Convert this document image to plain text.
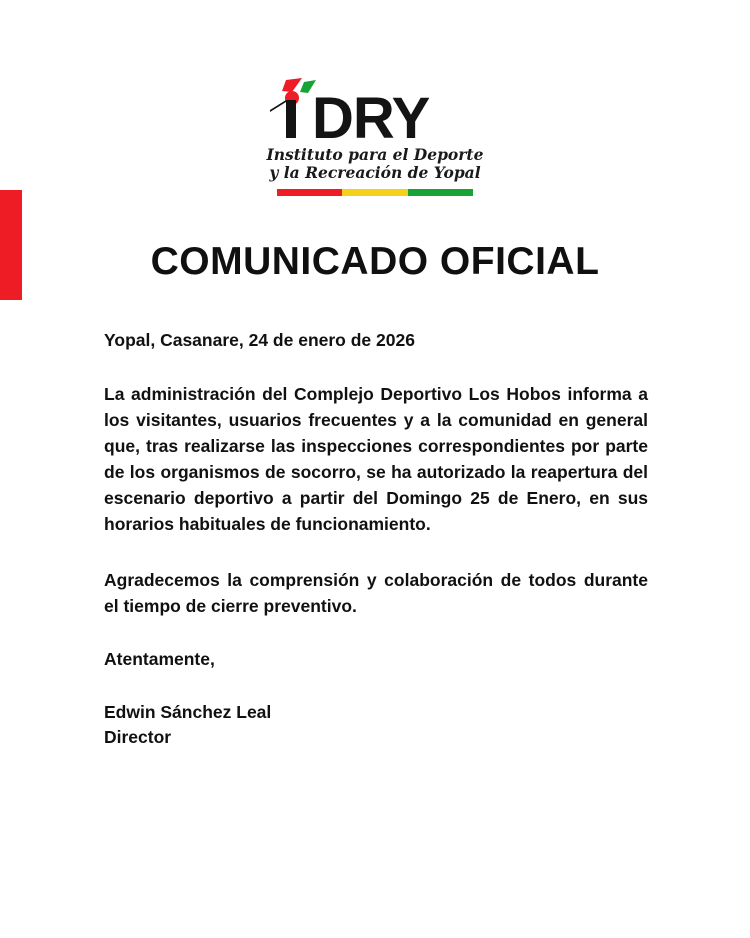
DRY
Instituto para el Deporte
y la Recreación de Yopal
COMUNICADO OFICIAL
Yopal, Casanare, 24 de enero de 2026

La administración del Complejo Deportivo Los Hobos informa a los visitantes, usuarios frecuentes y a la comunidad en general que, tras realizarse las inspecciones correspondientes por parte de los organismos de socorro, se ha autorizado la reapertura del escenario deportivo a partir del Domingo 25 de Enero, en sus horarios habituales de funcionamiento.

Agradecemos la comprensión y colaboración de todos durante el tiempo de cierre preventivo.

Atentamente,

Edwin Sánchez Leal
Director
